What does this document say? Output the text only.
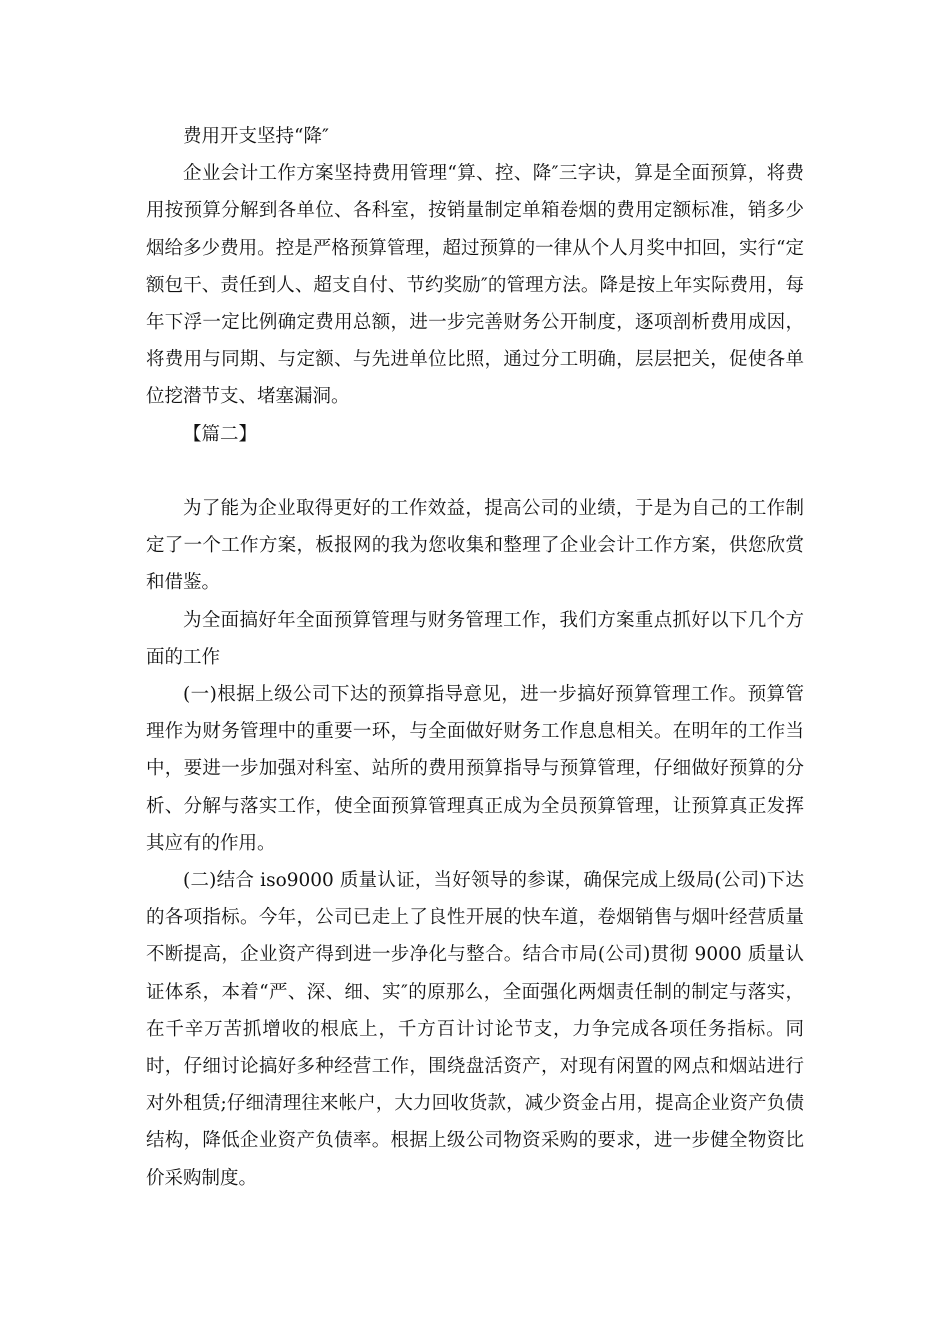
费用开支坚持“降″

企业会计工作方案坚持费用管理“算、控、降″三字诀，算是全面预算，将费用按预算分解到各单位、各科室，按销量制定单箱卷烟的费用定额标准，销多少烟给多少费用。控是严格预算管理，超过预算的一律从个人月奖中扣回，实行“定额包干、责任到人、超支自付、节约奖励″的管理方法。降是按上年实际费用，每年下浮一定比例确定费用总额，进一步完善财务公开制度，逐项剖析费用成因，将费用与同期、与定额、与先进单位比照，通过分工明确，层层把关，促使各单位挖潜节支、堵塞漏洞。

【篇二】

为了能为企业取得更好的工作效益，提高公司的业绩，于是为自己的工作制定了一个工作方案，板报网的我为您收集和整理了企业会计工作方案，供您欣赏和借鉴。

为全面搞好年全面预算管理与财务管理工作，我们方案重点抓好以下几个方面的工作

(一)根据上级公司下达的预算指导意见，进一步搞好预算管理工作。预算管理作为财务管理中的重要一环，与全面做好财务工作息息相关。在明年的工作当中，要进一步加强对科室、站所的费用预算指导与预算管理，仔细做好预算的分析、分解与落实工作，使全面预算管理真正成为全员预算管理，让预算真正发挥其应有的作用。

(二)结合 iso9000 质量认证，当好领导的参谋，确保完成上级局(公司)下达的各项指标。今年，公司已走上了良性开展的快车道，卷烟销售与烟叶经营质量不断提高，企业资产得到进一步净化与整合。结合市局(公司)贯彻 9000 质量认证体系，本着“严、深、细、实″的原那么，全面强化两烟责任制的制定与落实，在千辛万苦抓增收的根底上，千方百计讨论节支，力争完成各项任务指标。同时，仔细讨论搞好多种经营工作，围绕盘活资产，对现有闲置的网点和烟站进行对外租赁;仔细清理往来帐户，大力回收货款，减少资金占用，提高企业资产负债结构，降低企业资产负债率。根据上级公司物资采购的要求，进一步健全物资比价采购制度。
